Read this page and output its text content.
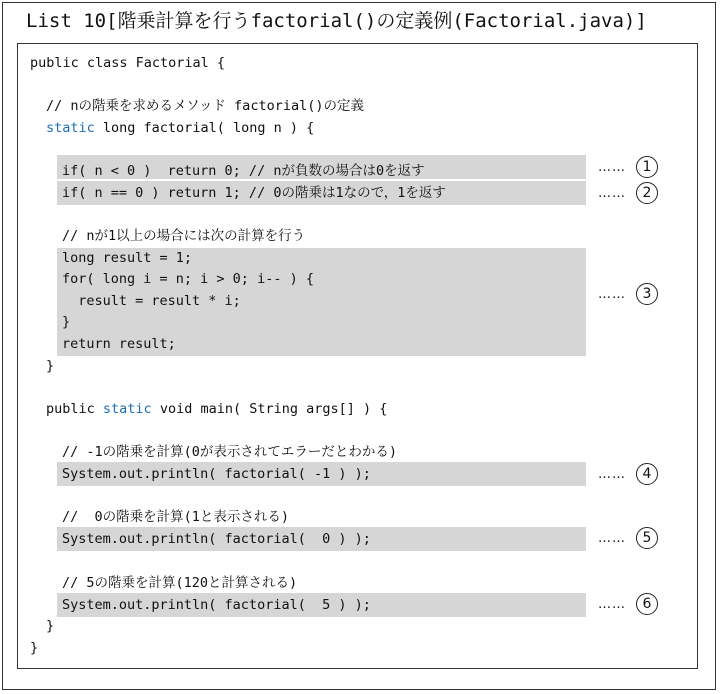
List 10[階乗計算を行うfactorial()の定義例(Factorial.java)]
public class Factorial {
// nの階乗を求めるメソッド factorial()の定義
static long factorial( long n ) {
if( n < 0 )  return 0; // nが負数の場合は0を返す
if( n == 0 ) return 1; // 0の階乗は1なので，1を返す
// nが1以上の場合には次の計算を行う
long result = 1;
for( long i = n; i > 0; i-- ) {
result = result * i;
}
return result;
}
public static void main( String args[] ) {
// -1の階乗を計算(0が表示されてエラーだとわかる)
System.out.println( factorial( -1 ) );
//  0の階乗を計算(1と表示される)
System.out.println( factorial(  0 ) );
// 5の階乗を計算(120と計算される)
System.out.println( factorial(  5 ) );
}
}
……	1
……	2
……	3
……	4
……	5
……	6
